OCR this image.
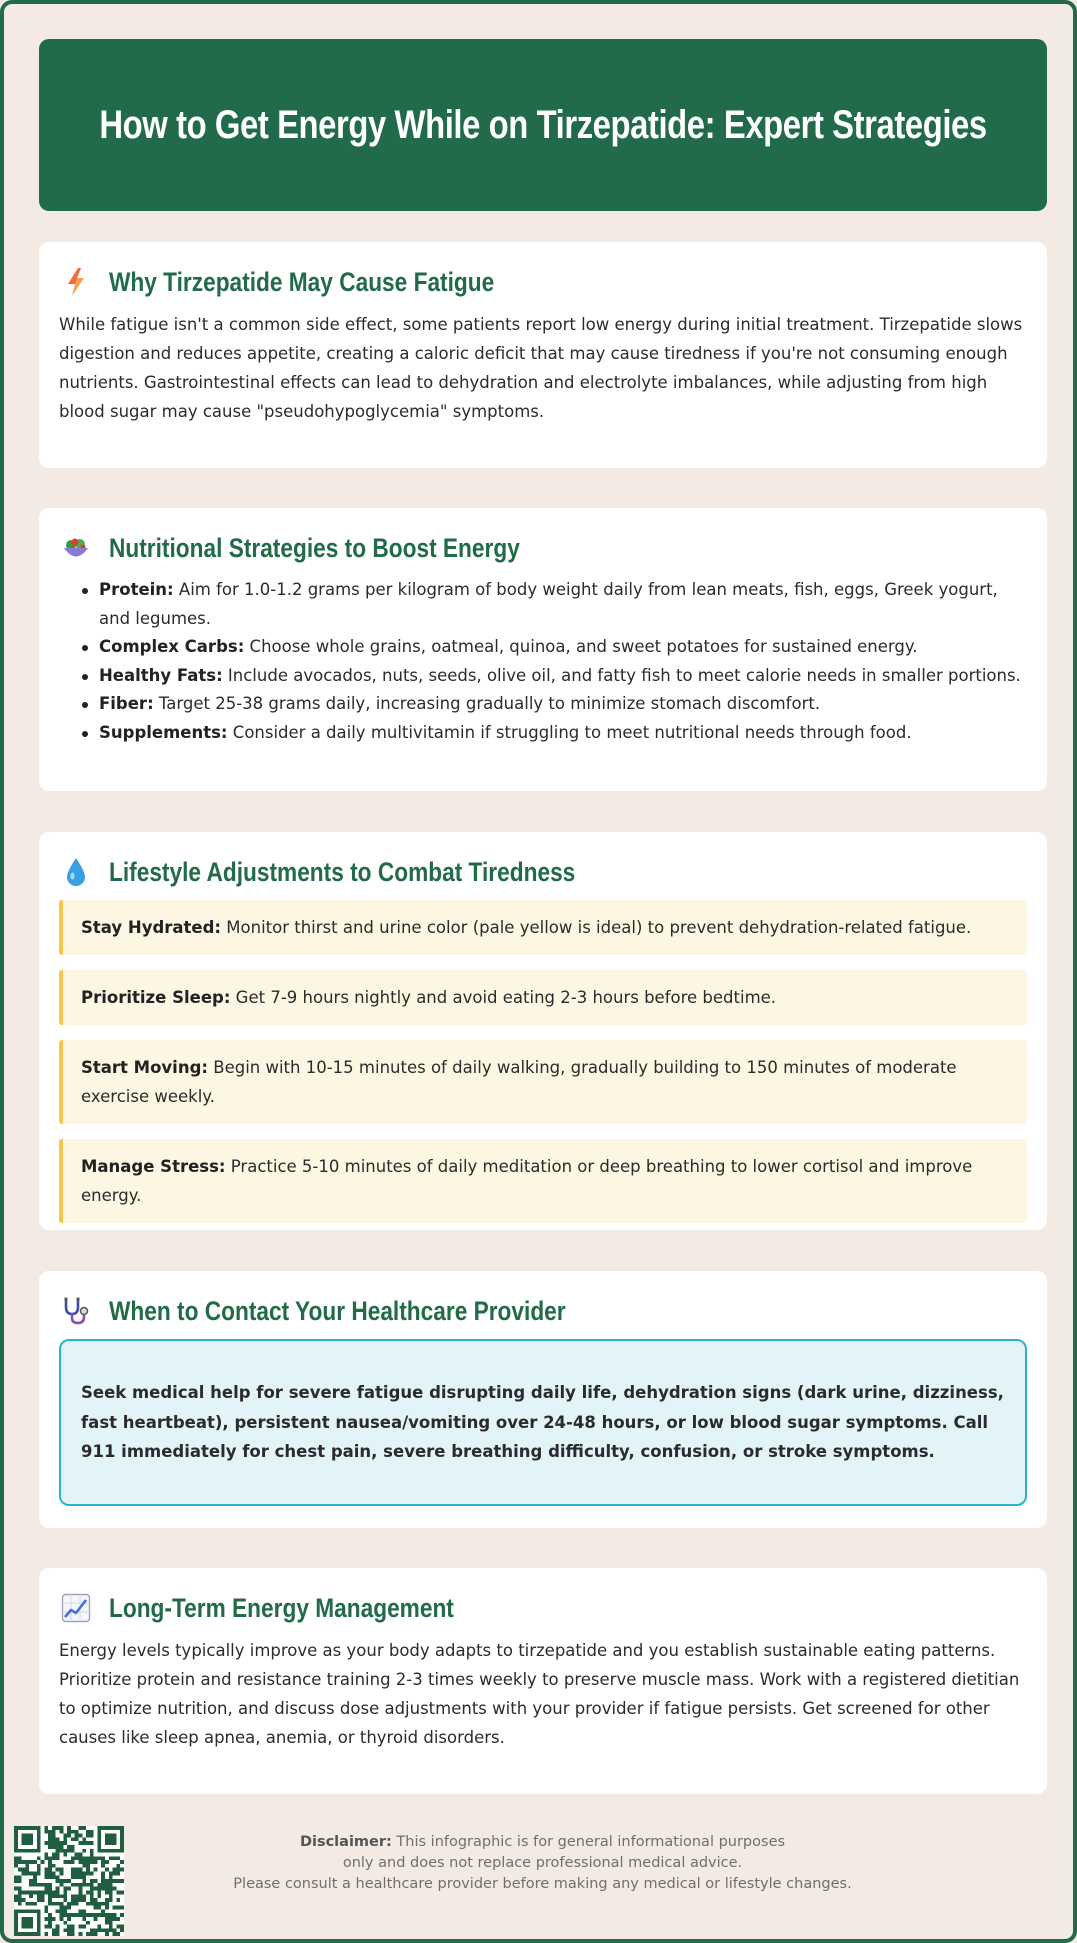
How to Get Energy While on Tirzepatide: Expert Strategies
Why Tirzepatide May Cause Fatigue

While fatigue isn't a common side effect, some patients report low energy during initial treatment. Tirzepatide slows digestion and reduces appetite, creating a caloric deficit that may cause tiredness if you're not consuming enough nutrients. Gastrointestinal effects can lead to dehydration and electrolyte imbalances, while adjusting from high blood sugar may cause "pseudohypoglycemia" symptoms.

Nutritional Strategies to Boost Energy
Protein: Aim for 1.0-1.2 grams per kilogram of body weight daily from lean meats, fish, eggs, Greek yogurt, and legumes.
Complex Carbs: Choose whole grains, oatmeal, quinoa, and sweet potatoes for sustained energy.
Healthy Fats: Include avocados, nuts, seeds, olive oil, and fatty fish to meet calorie needs in smaller portions.
Fiber: Target 25-38 grams daily, increasing gradually to minimize stomach discomfort.
Supplements: Consider a daily multivitamin if struggling to meet nutritional needs through food.
Lifestyle Adjustments to Combat Tiredness
Stay Hydrated: Monitor thirst and urine color (pale yellow is ideal) to prevent dehydration-related fatigue.
Prioritize Sleep: Get 7-9 hours nightly and avoid eating 2-3 hours before bedtime.
Start Moving: Begin with 10-15 minutes of daily walking, gradually building to 150 minutes of moderate exercise weekly.
Manage Stress: Practice 5-10 minutes of daily meditation or deep breathing to lower cortisol and improve energy.
When to Contact Your Healthcare Provider
Seek medical help for severe fatigue disrupting daily life, dehydration signs (dark urine, dizziness, fast heartbeat), persistent nausea/vomiting over 24-48 hours, or low blood sugar symptoms. Call 911 immediately for chest pain, severe breathing difficulty, confusion, or stroke symptoms.
Long-Term Energy Management

Energy levels typically improve as your body adapts to tirzepatide and you establish sustainable eating patterns. Prioritize protein and resistance training 2-3 times weekly to preserve muscle mass. Work with a registered dietitian to optimize nutrition, and discuss dose adjustments with your provider if fatigue persists. Get screened for other causes like sleep apnea, anemia, or thyroid disorders.

Disclaimer: This infographic is for general informational purposes
only and does not replace professional medical advice.
Please consult a healthcare provider before making any medical or lifestyle changes.
